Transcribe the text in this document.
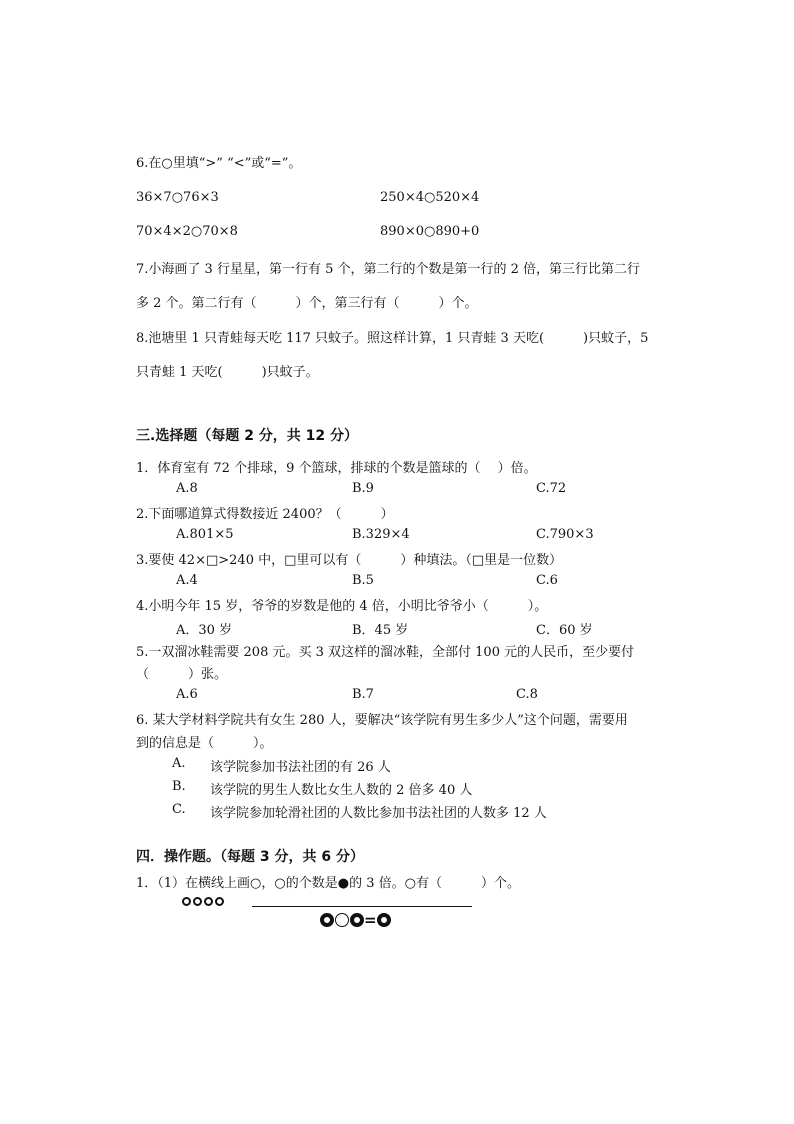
6.在○里填“>” “<”或“=”。
36×7○76×3	250×4○520×4
70×4×2○70×8	890×0○890+0
7.小海画了 3 行星星，第一行有 5 个，第二行的个数是第一行的 2 倍，第三行比第二行
多 2 个。第二行有（　　　）个，第三行有（　　　）个。
8.池塘里 1 只青蛙每天吃 117 只蚊子。照这样计算，1 只青蛙 3 天吃(　　　)只蚊子，5
只青蛙 1 天吃(　　　)只蚊子。
三.选择题（每题 2 分，共 12 分）
1．体育室有 72 个排球，9 个篮球，排球的个数是篮球的（　 ）倍。
A.8	B.9	C.72
2.下面哪道算式得数接近 2400？（　　　）
A.801×5	B.329×4	C.790×3
3.要使 42×□>240 中，□里可以有（　　　）种填法。（□里是一位数）
A.4	B.5	C.6
4.小明今年 15 岁，爷爷的岁数是他的 4 倍，小明比爷爷小（　　　）。
A．30 岁	B．45 岁	C．60 岁
5.一双溜冰鞋需要 208 元。买 3 双这样的溜冰鞋，全部付 100 元的人民币，至少要付
（　　　）张。
A.6	B.7	C.8
6. 某大学材料学院共有女生 280 人，要解决“该学院有男生多少人”这个问题，需要用
到的信息是（　　　）。
A. 该学院参加书法社团的有 26 人
B. 该学院的男生人数比女生人数的 2 倍多 40 人
C. 该学院参加轮滑社团的人数比参加书法社团的人数多 12 人
四．操作题。（每题 3 分，共 6 分）
1．（1）在横线上画○，○的个数是●的 3 倍。○有（　　　）个。
=
